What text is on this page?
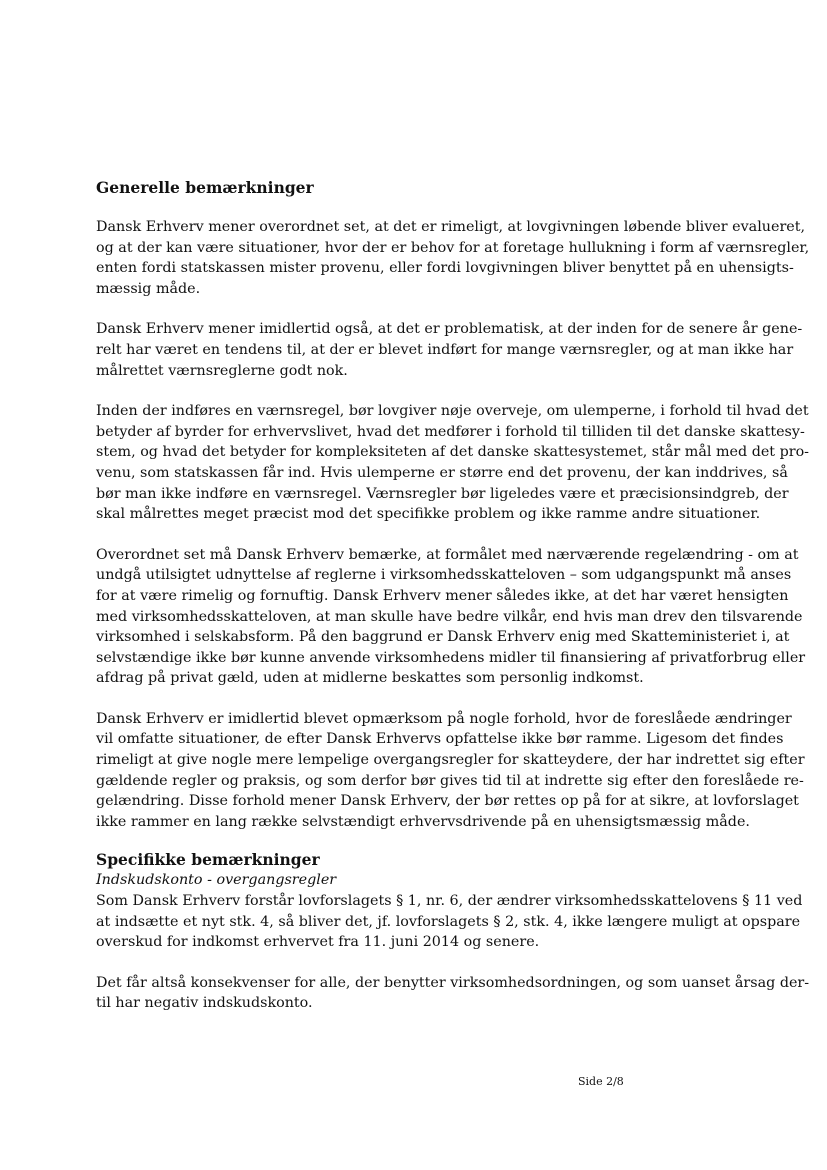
Generelle bemærkninger

Dansk Erhverv mener overordnet set, at det er rimeligt, at lovgivningen løbende bliver evalueret,
og at der kan være situationer, hvor der er behov for at foretage hullukning i form af værnsregler,
enten fordi statskassen mister provenu, eller fordi lovgivningen bliver benyttet på en uhensigts-
mæssig måde.

Dansk Erhverv mener imidlertid også, at det er problematisk, at der inden for de senere år gene-
relt har været en tendens til, at der er blevet indført for mange værnsregler, og at man ikke har
målrettet værnsreglerne godt nok.

Inden der indføres en værnsregel, bør lovgiver nøje overveje, om ulemperne, i forhold til hvad det
betyder af byrder for erhvervslivet, hvad det medfører i forhold til tilliden til det danske skattesy-
stem, og hvad det betyder for kompleksiteten af det danske skattesystemet, står mål med det pro-
venu, som statskassen får ind. Hvis ulemperne er større end det provenu, der kan inddrives, så
bør man ikke indføre en værnsregel. Værnsregler bør ligeledes være et præcisionsindgreb, der
skal målrettes meget præcist mod det specifikke problem og ikke ramme andre situationer.

Overordnet set må Dansk Erhverv bemærke, at formålet med nærværende regelændring - om at
undgå utilsigtet udnyttelse af reglerne i virksomhedsskatteloven – som udgangspunkt må anses
for at være rimelig og fornuftig. Dansk Erhverv mener således ikke, at det har været hensigten
med virksomhedsskatteloven, at man skulle have bedre vilkår, end hvis man drev den tilsvarende
virksomhed i selskabsform. På den baggrund er Dansk Erhverv enig med Skatteministeriet i, at
selvstændige ikke bør kunne anvende virksomhedens midler til finansiering af privatforbrug eller
afdrag på privat gæld, uden at midlerne beskattes som personlig indkomst.

Dansk Erhverv er imidlertid blevet opmærksom på nogle forhold, hvor de foreslåede ændringer
vil omfatte situationer, de efter Dansk Erhvervs opfattelse ikke bør ramme. Ligesom det findes
rimeligt at give nogle mere lempelige overgangsregler for skatteydere, der har indrettet sig efter
gældende regler og praksis, og som derfor bør gives tid til at indrette sig efter den foreslåede re-
gelændring. Disse forhold mener Dansk Erhverv, der bør rettes op på for at sikre, at lovforslaget
ikke rammer en lang række selvstændigt erhvervsdrivende på en uhensigtsmæssig måde.

Specifikke bemærkninger

Indskudskonto - overgangsregler

Som Dansk Erhverv forstår lovforslagets § 1, nr. 6, der ændrer virksomhedsskattelovens § 11 ved
at indsætte et nyt stk. 4, så bliver det, jf. lovforslagets § 2, stk. 4, ikke længere muligt at opspare
overskud for indkomst erhvervet fra 11. juni 2014 og senere.

Det får altså konsekvenser for alle, der benytter virksomhedsordningen, og som uanset årsag der-
til har negativ indskudskonto.

Side 2/8
